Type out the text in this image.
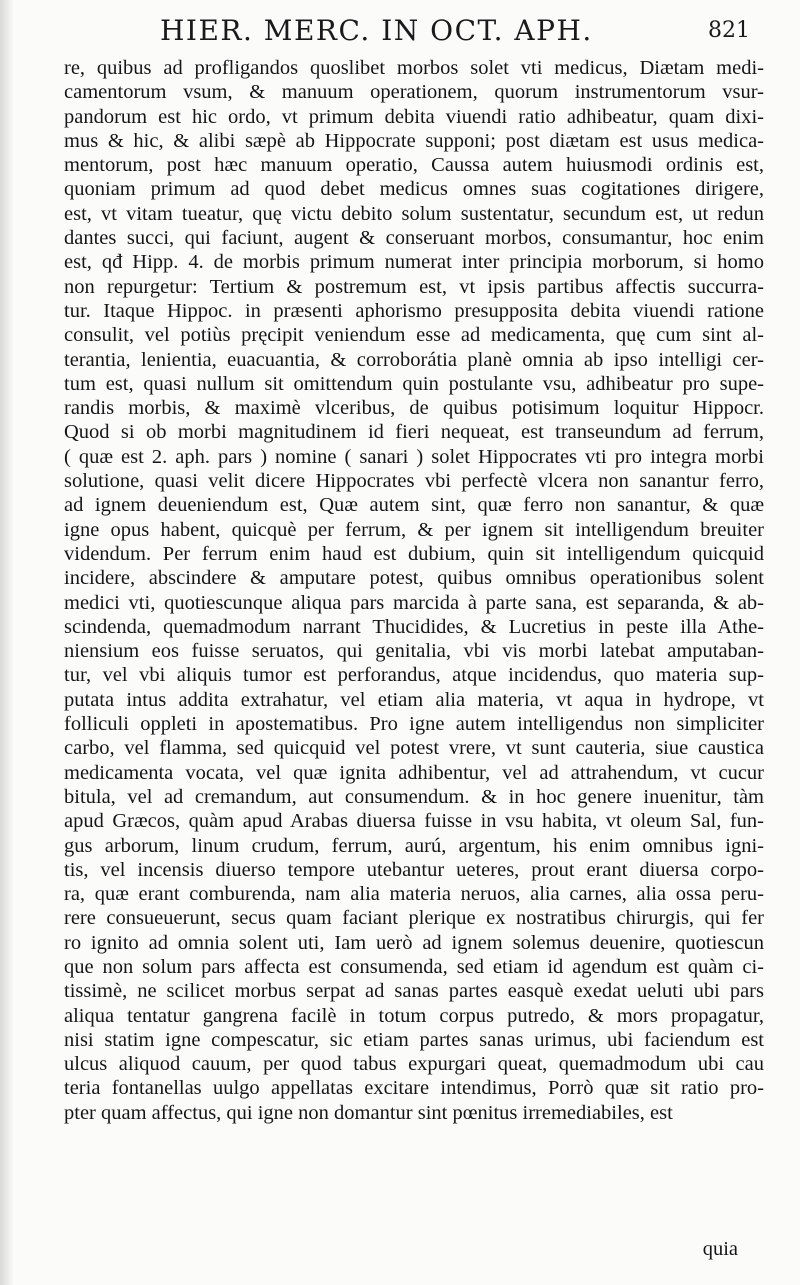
HIER. MERC. IN OCT. APH.	821
re, quibus ad profligandos quoslibet morbos solet vti medicus, Diætam medi-
camentorum vsum, & manuum operationem, quorum instrumentorum vsur-
pandorum est hic ordo, vt primum debita viuendi ratio adhibeatur, quam dixi-
mus & hic, & alibi sæpè ab Hippocrate supponi; post diætam est usus medica-
mentorum, post hæc manuum operatio, Caussa autem huiusmodi ordinis est,
quoniam primum ad quod debet medicus omnes suas cogitationes dirigere,
est, vt vitam tueatur, quę victu debito solum sustentatur, secundum est, ut redun
dantes succi, qui faciunt, augent & conseruant morbos, consumantur, hoc enim
est, qđ Hipp. 4. de morbis primum numerat inter principia morborum, si homo
non repurgetur: Tertium & postremum est, vt ipsis partibus affectis succurra-
tur. Itaque Hippoc. in præsenti aphorismo presupposita debita viuendi ratione
consulit, vel potiùs pręcipit veniendum esse ad medicamenta, quę cum sint al-
terantia, lenientia, euacuantia, & corroborátia planè omnia ab ipso intelligi cer-
tum est, quasi nullum sit omittendum quin postulante vsu, adhibeatur pro supe-
randis morbis, & maximè vlceribus, de quibus potisimum loquitur Hippocr.
Quod si ob morbi magnitudinem id fieri nequeat, est transeundum ad ferrum,
( quæ est 2. aph. pars ) nomine ( sanari ) solet Hippocrates vti pro integra morbi
solutione, quasi velit dicere Hippocrates vbi perfectè vlcera non sanantur ferro,
ad ignem deueniendum est, Quæ autem sint, quæ ferro non sanantur, & quæ
igne opus habent, quicquè per ferrum, & per ignem sit intelligendum breuiter
videndum. Per ferrum enim haud est dubium, quin sit intelligendum quicquid
incidere, abscindere & amputare potest, quibus omnibus operationibus solent
medici vti, quotiescunque aliqua pars marcida à parte sana, est separanda, & ab-
scindenda, quemadmodum narrant Thucidides, & Lucretius in peste illa Athe-
niensium eos fuisse seruatos, qui genitalia, vbi vis morbi latebat amputaban-
tur, vel vbi aliquis tumor est perforandus, atque incidendus, quo materia sup-
putata intus addita extrahatur, vel etiam alia materia, vt aqua in hydrope, vt
folliculi oppleti in apostematibus. Pro igne autem intelligendus non simpliciter
carbo, vel flamma, sed quicquid vel potest vrere, vt sunt cauteria, siue caustica
medicamenta vocata, vel quæ ignita adhibentur, vel ad attrahendum, vt cucur
bitula, vel ad cremandum, aut consumendum. & in hoc genere inuenitur, tàm
apud Græcos, quàm apud Arabas diuersa fuisse in vsu habita, vt oleum Sal, fun-
gus arborum, linum crudum, ferrum, aurú, argentum, his enim omnibus igni-
tis, vel incensis diuerso tempore utebantur ueteres, prout erant diuersa corpo-
ra, quæ erant comburenda, nam alia materia neruos, alia carnes, alia ossa peru-
rere consueuerunt, secus quam faciant plerique ex nostratibus chirurgis, qui fer
ro ignito ad omnia solent uti, Iam uerò ad ignem solemus deuenire, quotiescun
que non solum pars affecta est consumenda, sed etiam id agendum est quàm ci-
tissimè, ne scilicet morbus serpat ad sanas partes easquè exedat ueluti ubi pars
aliqua tentatur gangrena facilè in totum corpus putredo, & mors propagatur,
nisi statim igne compescatur, sic etiam partes sanas urimus, ubi faciendum est
ulcus aliquod cauum, per quod tabus expurgari queat, quemadmodum ubi cau
teria fontanellas uulgo appellatas excitare intendimus, Porrò quæ sit ratio pro-
pter quam affectus, qui igne non domantur sint pœnitus irremediabiles, est
quia
